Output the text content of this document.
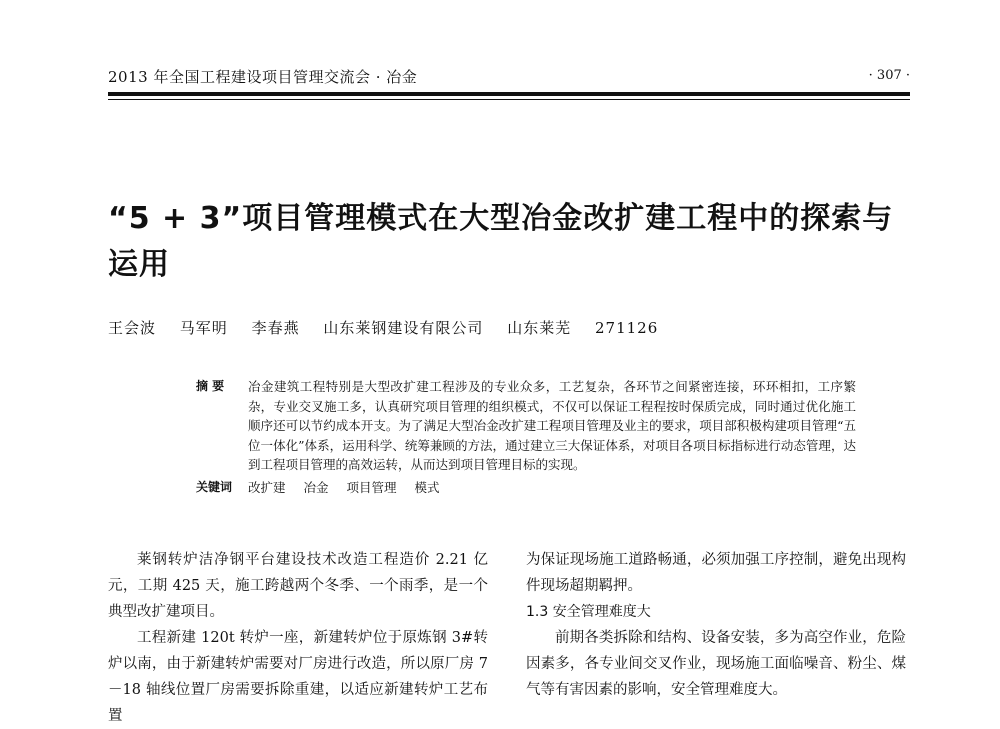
2013 年全国工程建设项目管理交流会 · 冶金	· 307 ·
“5 + 3”项目管理模式在大型冶金改扩建工程中的探索与运用
王会波 马军明 李春燕 山东莱钢建设有限公司 山东莱芜 271126
摘 要	冶金建筑工程特别是大型改扩建工程涉及的专业众多，工艺复杂，各环节之间紧密连接，环环相扣，工序繁杂，专业交叉施工多，认真研究项目管理的组织模式，不仅可以保证工程程按时保质完成，同时通过优化施工顺序还可以节约成本开支。为了满足大型冶金改扩建工程项目管理及业主的要求，项目部积极构建项目管理“五位一体化”体系，运用科学、统筹兼顾的方法，通过建立三大保证体系，对项目各项目标指标进行动态管理，达到工程项目管理的高效运转，从而达到项目管理目标的实现。
关键词	改扩建 冶金 项目管理 模式

莱钢转炉洁净钢平台建设技术改造工程造价 2.21 亿元，工期 425 天，施工跨越两个冬季、一个雨季，是一个典型改扩建项目。

工程新建 120t 转炉一座，新建转炉位于原炼钢 3#转炉以南，由于新建转炉需要对厂房进行改造，所以原厂房 7－18 轴线位置厂房需要拆除重建，以适应新建转炉工艺布置

为保证现场施工道路畅通，必须加强工序控制，避免出现构件现场超期羁押。

1.3 安全管理难度大

前期各类拆除和结构、设备安装，多为高空作业，危险因素多，各专业间交叉作业，现场施工面临噪音、粉尘、煤气等有害因素的影响，安全管理难度大。
